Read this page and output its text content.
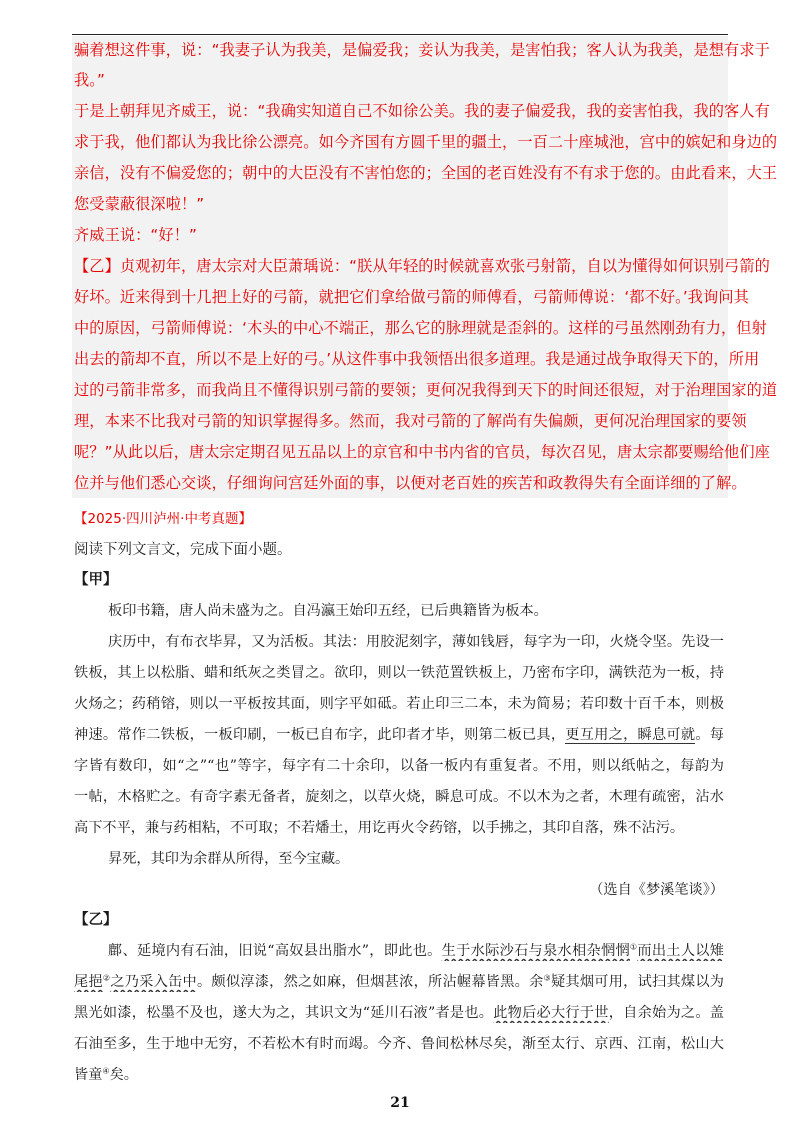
骗着想这件事，说：“我妻子认为我美，是偏爱我；妾认为我美，是害怕我；客人认为我美，是想有求于
我。”
于是上朝拜见齐威王，说：“我确实知道自己不如徐公美。我的妻子偏爱我，我的妾害怕我，我的客人有
求于我，他们都认为我比徐公漂亮。如今齐国有方圆千里的疆土，一百二十座城池，宫中的嫔妃和身边的
亲信，没有不偏爱您的；朝中的大臣没有不害怕您的；全国的老百姓没有不有求于您的。由此看来，大王
您受蒙蔽很深啦！”
齐威王说：“好！”
【乙】贞观初年，唐太宗对大臣萧瑀说：“朕从年轻的时候就喜欢张弓射箭，自以为懂得如何识别弓箭的
好坏。近来得到十几把上好的弓箭，就把它们拿给做弓箭的师傅看，弓箭师傅说：‘都不好。’我询问其
中的原因，弓箭师傅说：‘木头的中心不端正，那么它的脉理就是歪斜的。这样的弓虽然刚劲有力，但射
出去的箭却不直，所以不是上好的弓。’从这件事中我领悟出很多道理。我是通过战争取得天下的，所用
过的弓箭非常多，而我尚且不懂得识别弓箭的要领；更何况我得到天下的时间还很短，对于治理国家的道
理，本来不比我对弓箭的知识掌握得多。然而，我对弓箭的了解尚有失偏颇，更何况治理国家的要领
呢？”从此以后，唐太宗定期召见五品以上的京官和中书内省的官员，每次召见，唐太宗都要赐给他们座
位并与他们悉心交谈，仔细询问宫廷外面的事，以便对老百姓的疾苦和政教得失有全面详细的了解。
【2025·四川泸州·中考真题】
阅读下列文言文，完成下面小题。
【甲】
板印书籍，唐人尚未盛为之。自冯瀛王始印五经，已后典籍皆为板本。
庆历中，有布衣毕昇，又为活板。其法：用胶泥刻字，薄如钱唇，每字为一印，火烧令坚。先设一
铁板，其上以松脂、蜡和纸灰之类冒之。欲印，则以一铁范置铁板上，乃密布字印，满铁范为一板，持
火炀之；药稍镕，则以一平板按其面，则字平如砥。若止印三二本，未为简易；若印数十百千本，则极
神速。常作二铁板，一板印刷，一板已自布字，此印者才毕，则第二板已具，更互用之，瞬息可就。每
字皆有数印，如“之”“也”等字，每字有二十余印，以备一板内有重复者。不用，则以纸帖之，每韵为
一帖，木格贮之。有奇字素无备者，旋刻之，以草火烧，瞬息可成。不以木为之者，木理有疏密，沾水
高下不平，兼与药相粘，不可取；不若燔土，用讫再火令药镕，以手拂之，其印自落，殊不沾污。
昇死，其印为余群从所得，至今宝藏。
（选自《梦溪笔谈》）
【乙】
鄜、延境内有石油，旧说“高奴县出脂水”，即此也。生于水际沙石与泉水相杂惘惘①而出土人以雉
尾挹②之乃采入缶中。颇似淳漆，然之如麻，但烟甚浓，所沾幄幕皆黑。余③疑其烟可用，试扫其煤以为
黑光如漆，松墨不及也，遂大为之，其识文为“延川石液”者是也。此物后必大行于世，自余始为之。盖
石油至多，生于地中无穷，不若松木有时而竭。今齐、鲁间松林尽矣，渐至太行、京西、江南，松山大
皆童④矣。
21
